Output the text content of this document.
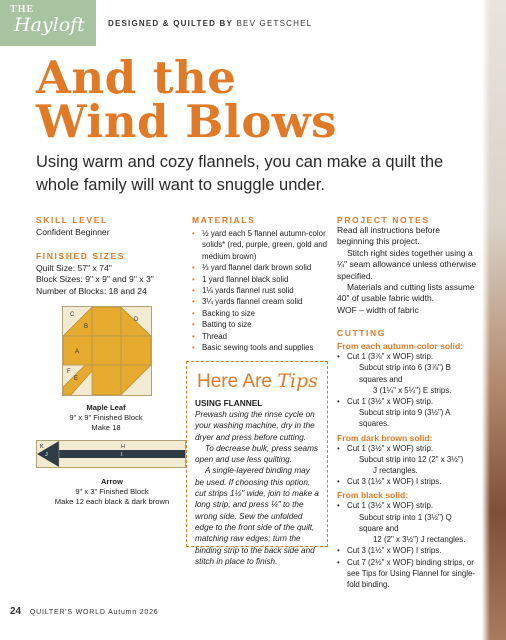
THE
Hayloft	DESIGNED & QUILTED BY BEV GETSCHEL
And the
Wind Blows
Using warm and cozy flannels, you can make a quilt the whole family will want to snuggle under.
SKILL LEVEL
Confident Beginner
FINISHED SIZES
Quilt Size: 57" x 74"
Block Sizes: 9" x 9" and 9" x 3"
Number of Blocks: 18 and 24
C
B
D
A
F
E
Maple Leaf
9" x 9" Finished Block
Make 18
K	H
J	I
Arrow
9" x 3" Finished Block
Make 12 each black & dark brown
MATERIALS
• ½ yard each 5 flannel autumn-color solids* (red, purple, green, gold and medium brown)
• ⅓ yard flannel dark brown solid
• 1 yard flannel black solid
• 1⅛ yards flannel rust solid
• 3¼ yards flannel cream solid
• Backing to size
• Batting to size
• Thread
• Basic sewing tools and supplies
Here Are Tips
USING FLANNEL
Prewash using the rinse cycle on your washing machine, dry in the dryer and press before cutting.
To decrease bulk, press seams open and use less quilting.
A single-layered binding may be used. If choosing this option, cut strips 1½" wide, join to make a long strip, and press ¼" to the wrong side. Sew the unfolded edge to the front side of the quilt, matching raw edges; turn the binding strip to the back side and stitch in place to finish.
PROJECT NOTES
Read all instructions before beginning this project.
Stitch right sides together using a ¼" seam allowance unless otherwise specified.
Materials and cutting lists assume 40" of usable fabric width.
WOF – width of fabric
CUTTING
From each autumn-color solid:
• Cut 1 (3⅞" x WOF) strip.
Subcut strip into 6 (3⅞") B squares and
3 (1¼" x 5¼") E strips.
• Cut 1 (3½" x WOF) strip.
Subcut strip into 9 (3½") A squares.
From dark brown solid:
• Cut 1 (3½" x WOF) strip.
Subcut strip into 12 (2" x 3½")
J rectangles.
• Cut 3 (1½" x WOF) I strips.
From black solid:
• Cut 1 (3½" x WOF) strip.
Subcut strip into 1 (3½") Q square and
12 (2" x 3½") J rectangles.
• Cut 3 (1½" x WOF) I strips.
• Cut 7 (2½" x WOF) binding strips, or see Tips for Using Flannel for single-fold binding.
24 QUILTER'S WORLD Autumn 2026
